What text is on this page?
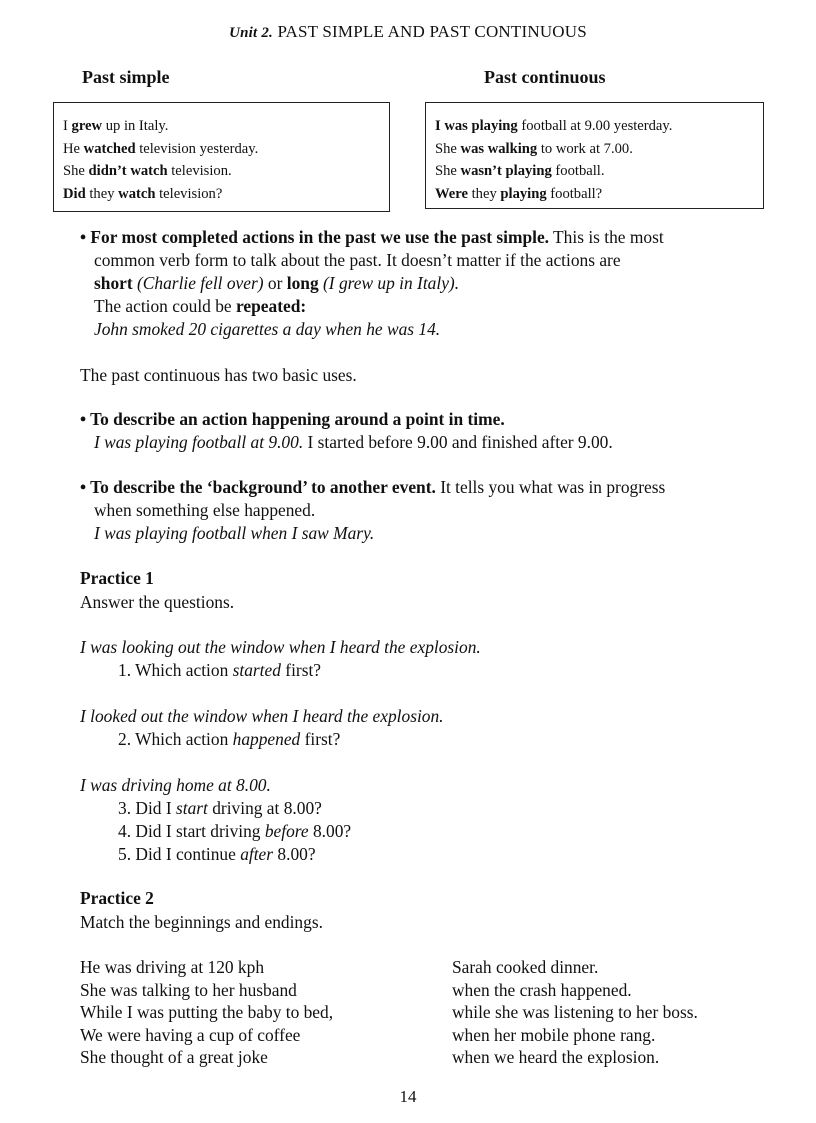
Unit 2. PAST SIMPLE AND PAST CONTINUOUS
Past simple	Past continuous
I grew up in Italy.
He watched television yesterday.
She didn’t watch television.
Did they watch television?
I was playing football at 9.00 yesterday.
She was walking to work at 7.00.
She wasn’t playing football.
Were they playing football?
• For most completed actions in the past we use the past simple. This is the most
common verb form to talk about the past. It doesn’t matter if the actions are
short (Charlie fell over) or long (I grew up in Italy).
The action could be repeated:
John smoked 20 cigarettes a day when he was 14.
The past continuous has two basic uses.
• To describe an action happening around a point in time.
I was playing football at 9.00. I started before 9.00 and finished after 9.00.
• To describe the ‘background’ to another event. It tells you what was in progress
when something else happened.
I was playing football when I saw Mary.
Practice 1
Answer the questions.
I was looking out the window when I heard the explosion.
1. Which action started first?
I looked out the window when I heard the explosion.
2. Which action happened first?
I was driving home at 8.00.
3. Did I start driving at 8.00?
4. Did I start driving before 8.00?
5. Did I continue after 8.00?
Practice 2
Match the beginnings and endings.
He was driving at 120 kph
She was talking to her husband
While I was putting the baby to bed,
We were having a cup of coffee
She thought of a great joke
Sarah cooked dinner.
when the crash happened.
while she was listening to her boss.
when her mobile phone rang.
when we heard the explosion.
14
